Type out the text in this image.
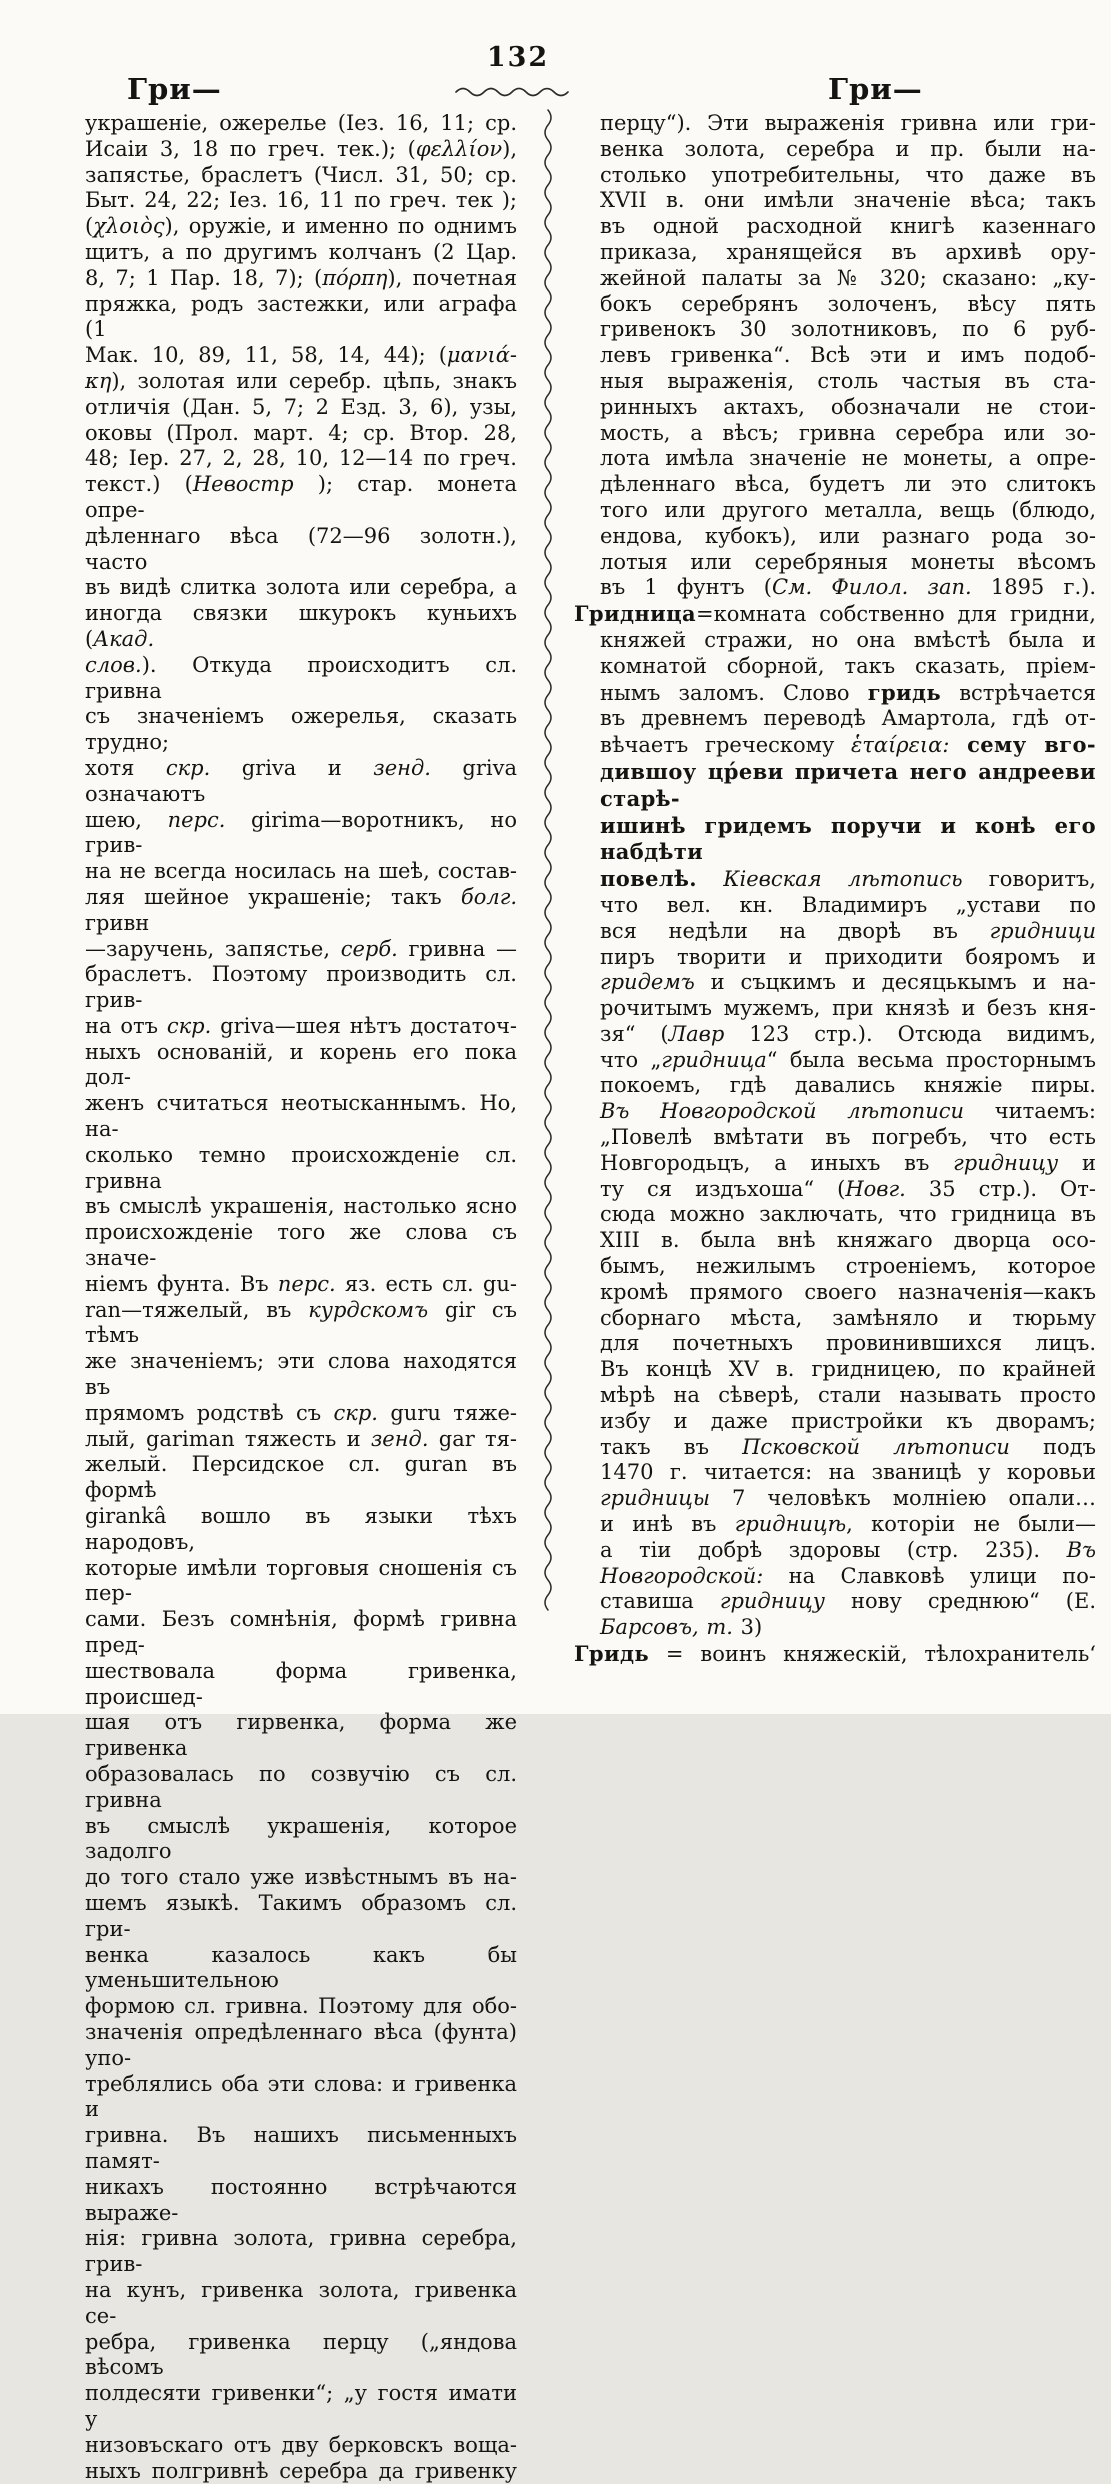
132
Гри—	Гри—
украшеніе, ожерелье (Іез. 16, 11; ср.
Исаіи 3, 18 по греч. тек.); (φελλίον),
запястье, браслетъ (Числ. 31, 50; ср.
Быт. 24, 22; Іез. 16, 11 по греч. тек );
(χλοιὸς), оружіе, и именно по однимъ
щитъ, а по другимъ колчанъ (2 Цар.
8, 7; 1 Пар. 18, 7); (πόρπη), почетная
пряжка, родъ застежки, или аграфа (1
Мак. 10, 89, 11, 58, 14, 44); (μανιά-
κη), золотая или серебр. цѣпь, знакъ
отличія (Дан. 5, 7; 2 Езд. 3, 6), узы,
оковы (Прол. март. 4; ср. Втор. 28,
48; Іер. 27, 2, 28, 10, 12—14 по греч.
текст.) (Невостр ); стар. монета опре-
дѣленнаго вѣса (72—96 золотн.), часто
въ видѣ слитка золота или серебра, а
иногда связки шкурокъ куньихъ (Акад.
слов.). Откуда происходитъ сл. гривна
съ значеніемъ ожерелья, сказать трудно;
хотя скр. griva и зенд. griva означаютъ
шею, перс. girima—воротникъ, но грив-
на не всегда носилась на шеѣ, состав-
ляя шейное украшеніе; такъ болг. гривн
—заручень, запястье, серб. гривна —
браслетъ. Поэтому производить сл. грив-
на отъ скр. griva—шея нѣтъ достаточ-
ныхъ основаній, и корень его пока дол-
женъ считаться неотысканнымъ. Но, на-
сколько темно происхожденіе сл. гривна
въ смыслѣ украшенія, настолько ясно
происхожденіе того же слова съ значе-
ніемъ фунта. Въ перс. яз. есть сл. gu-
ran—тяжелый, въ курдскомъ gir съ тѣмъ
же значеніемъ; эти слова находятся въ
прямомъ родствѣ съ скр. guru тяже-
лый, gariman тяжесть и зенд. gar тя-
желый. Персидское сл. guran въ формѣ
girankâ вошло въ языки тѣхъ народовъ,
которые имѣли торговыя сношенія съ пер-
сами. Безъ сомнѣнія, формѣ гривна пред-
шествовала форма гривенка, происшед-
шая отъ гирвенка, форма же гривенка
образовалась по созвучію съ сл. гривна
въ смыслѣ украшенія, которое задолго
до того стало уже извѣстнымъ въ на-
шемъ языкѣ. Такимъ образомъ сл. гри-
венка казалось какъ бы уменьшительною
формою сл. гривна. Поэтому для обо-
значенія опредѣленнаго вѣса (фунта) упо-
треблялись оба эти слова: и гривенка и
гривна. Въ нашихъ письменныхъ памят-
никахъ постоянно встрѣчаются выраже-
нія: гривна золота, гривна серебра, грив-
на кунъ, гривенка золота, гривенка се-
ребра, гривенка перцу („яндова вѣсомъ
полдесяти гривенки“; „у гостя имати у
низовъскаго отъ дву берковскъ воща-
ныхъ полгривнѣ серебра да гривенку
перцу“). Эти выраженія гривна или гри-
венка золота, серебра и пр. были на-
столько употребительны, что даже въ
XVII в. они имѣли значеніе вѣса; такъ
въ одной расходной книгѣ казеннаго
приказа, хранящейся въ архивѣ ору-
жейной палаты за № 320; сказано: „ку-
бокъ серебрянъ золоченъ, вѣсу пять
гривенокъ 30 золотниковъ, по 6 руб-
левъ гривенка“. Всѣ эти и имъ подоб-
ныя выраженія, столь частыя въ ста-
ринныхъ актахъ, обозначали не стои-
мость, а вѣсъ; гривна серебра или зо-
лота имѣла значеніе не монеты, а опре-
дѣленнаго вѣса, будетъ ли это слитокъ
того или другого металла, вещь (блюдо,
ендова, кубокъ), или разнаго рода зо-
лотыя или серебряныя монеты вѣсомъ
въ 1 фунтъ (См. Филол. зап. 1895 г.).
Гридница=комната собственно для гридни,
княжей стражи, но она вмѣстѣ была и
комнатой сборной, такъ сказать, пріем-
нымъ заломъ. Слово гридь встрѣчается
въ древнемъ переводѣ Амартола, гдѣ от-
вѣчаетъ греческому ἑταίρεια: сему вго-
дившоу цр́еви причета него андрееви старѣ-
ишинѣ гридемъ поручи и конѣ его набдѣти
повелѣ. Кіевская лѣтопись говоритъ,
что вел. кн. Владимиръ „устави по
вся недѣли на дворѣ въ гридници
пиръ творити и приходити бояромъ и
гридемъ и съцкимъ и десяцькымъ и на-
рочитымъ мужемъ, при князѣ и безъ кня-
зя“ (Лавр 123 стр.). Отсюда видимъ,
что „гридница“ была весьма просторнымъ
покоемъ, гдѣ давались княжіе пиры.
Въ Новгородской лѣтописи читаемъ:
„Повелѣ вмѣтати въ погребъ, что есть
Новгородьцъ, а иныхъ въ гридницу и
ту ся издъхоша“ (Новг. 35 стр.). От-
сюда можно заключать, что гридница въ
XIII в. была внѣ княжаго дворца осо-
бымъ, нежилымъ строеніемъ, которое
кромѣ прямого своего назначенія—какъ
сборнаго мѣста, замѣняло и тюрьму
для почетныхъ провинившихся лицъ.
Въ концѣ XV в. гридницею, по крайней
мѣрѣ на сѣверѣ, стали называть просто
избу и даже пристройки къ дворамъ;
такъ въ Псковской лѣтописи подъ
1470 г. читается: на званицѣ у коровьи
гридницы 7 человѣкъ молніею опали…
и инѣ въ гридницѣ, которіи не были—
а тіи добрѣ здоровы (стр. 235). Въ
Новгородской: на Славковѣ улици по-
ставиша гридницу нову среднюю“ (Е.
Барсовъ, т. 3)
Гридь = воинъ княжескій, тѣлохранитель‘
